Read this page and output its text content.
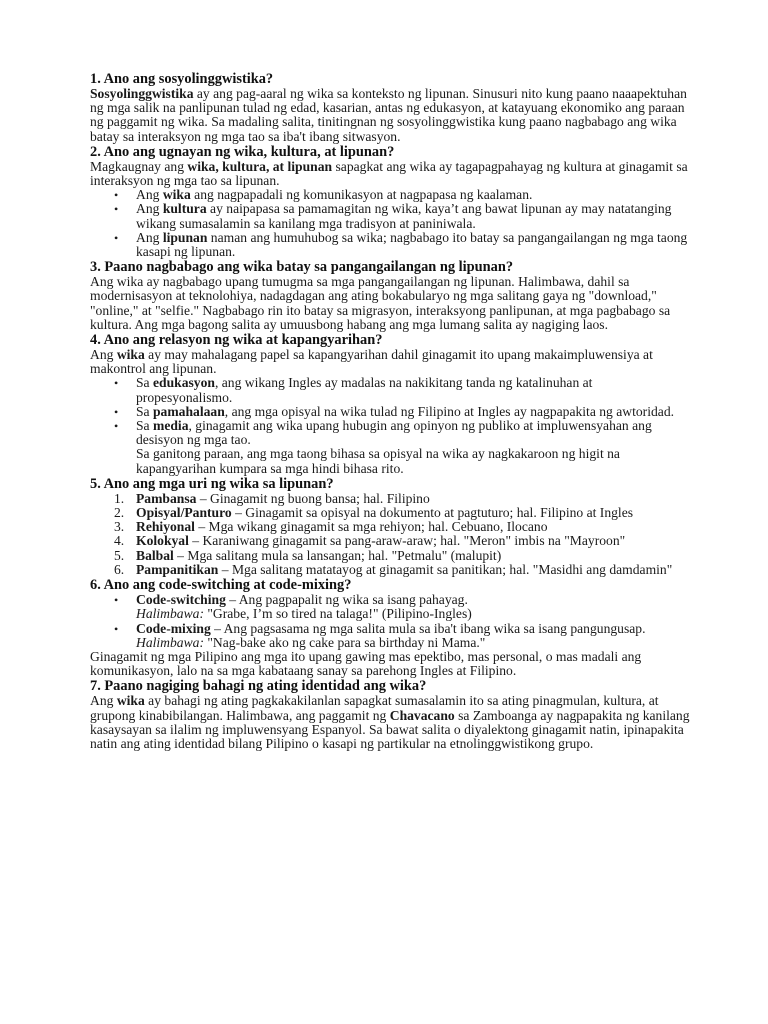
1. Ano ang sosyolinggwistika?

Sosyolinggwistika ay ang pag-aaral ng wika sa konteksto ng lipunan. Sinusuri nito kung paano naaapektuhan ng mga salik na panlipunan tulad ng edad, kasarian, antas ng edukasyon, at katayuang ekonomiko ang paraan ng paggamit ng wika. Sa madaling salita, tinitingnan ng sosyolinggwistika kung paano nagbabago ang wika batay sa interaksyon ng mga tao sa iba't ibang sitwasyon.

2. Ano ang ugnayan ng wika, kultura, at lipunan?

Magkaugnay ang wika, kultura, at lipunan sapagkat ang wika ay tagapagpahayag ng kultura at ginagamit sa interaksyon ng mga tao sa lipunan.

•	Ang wika ang nagpapadali ng komunikasyon at nagpapasa ng kaalaman.
•	Ang kultura ay naipapasa sa pamamagitan ng wika, kaya’t ang bawat lipunan ay may natatanging wikang sumasalamin sa kanilang mga tradisyon at paniniwala.
•	Ang lipunan naman ang humuhubog sa wika; nagbabago ito batay sa pangangailangan ng mga taong kasapi ng lipunan.
3. Paano nagbabago ang wika batay sa pangangailangan ng lipunan?

Ang wika ay nagbabago upang tumugma sa mga pangangailangan ng lipunan. Halimbawa, dahil sa modernisasyon at teknolohiya, nadagdagan ang ating bokabularyo ng mga salitang gaya ng "download," "online," at "selfie." Nagbabago rin ito batay sa migrasyon, interaksyong panlipunan, at mga pagbabago sa kultura. Ang mga bagong salita ay umuusbong habang ang mga lumang salita ay nagiging laos.

4. Ano ang relasyon ng wika at kapangyarihan?

Ang wika ay may mahalagang papel sa kapangyarihan dahil ginagamit ito upang makaimpluwensiya at makontrol ang lipunan.

•	Sa edukasyon, ang wikang Ingles ay madalas na nakikitang tanda ng katalinuhan at propesyonalismo.
•	Sa pamahalaan, ang mga opisyal na wika tulad ng Filipino at Ingles ay nagpapakita ng awtoridad.
•	Sa media, ginagamit ang wika upang hubugin ang opinyon ng publiko at impluwensyahan ang desisyon ng mga tao.
Sa ganitong paraan, ang mga taong bihasa sa opisyal na wika ay nagkakaroon ng higit na kapangyarihan kumpara sa mga hindi bihasa rito.
5. Ano ang mga uri ng wika sa lipunan?
1. Pambansa – Ginagamit ng buong bansa; hal. Filipino
2. Opisyal/Panturo – Ginagamit sa opisyal na dokumento at pagtuturo; hal. Filipino at Ingles
3. Rehiyonal – Mga wikang ginagamit sa mga rehiyon; hal. Cebuano, Ilocano
4. Kolokyal – Karaniwang ginagamit sa pang-araw-araw; hal. "Meron" imbis na "Mayroon"
5. Balbal – Mga salitang mula sa lansangan; hal. "Petmalu" (malupit)
6. Pampanitikan – Mga salitang matatayog at ginagamit sa panitikan; hal. "Masidhi ang damdamin"
6. Ano ang code-switching at code-mixing?
•	Code-switching – Ang pagpapalit ng wika sa isang pahayag.
Halimbawa: "Grabe, I’m so tired na talaga!" (Pilipino-Ingles)
•	Code-mixing – Ang pagsasama ng mga salita mula sa iba't ibang wika sa isang pangungusap.
Halimbawa: "Nag-bake ako ng cake para sa birthday ni Mama."

Ginagamit ng mga Pilipino ang mga ito upang gawing mas epektibo, mas personal, o mas madali ang komunikasyon, lalo na sa mga kabataang sanay sa parehong Ingles at Filipino.

7. Paano nagiging bahagi ng ating identidad ang wika?

Ang wika ay bahagi ng ating pagkakakilanlan sapagkat sumasalamin ito sa ating pinagmulan, kultura, at grupong kinabibilangan. Halimbawa, ang paggamit ng Chavacano sa Zamboanga ay nagpapakita ng kanilang kasaysayan sa ilalim ng impluwensyang Espanyol. Sa bawat salita o diyalektong ginagamit natin, ipinapakita natin ang ating identidad bilang Pilipino o kasapi ng partikular na etnolinggwistikong grupo.
